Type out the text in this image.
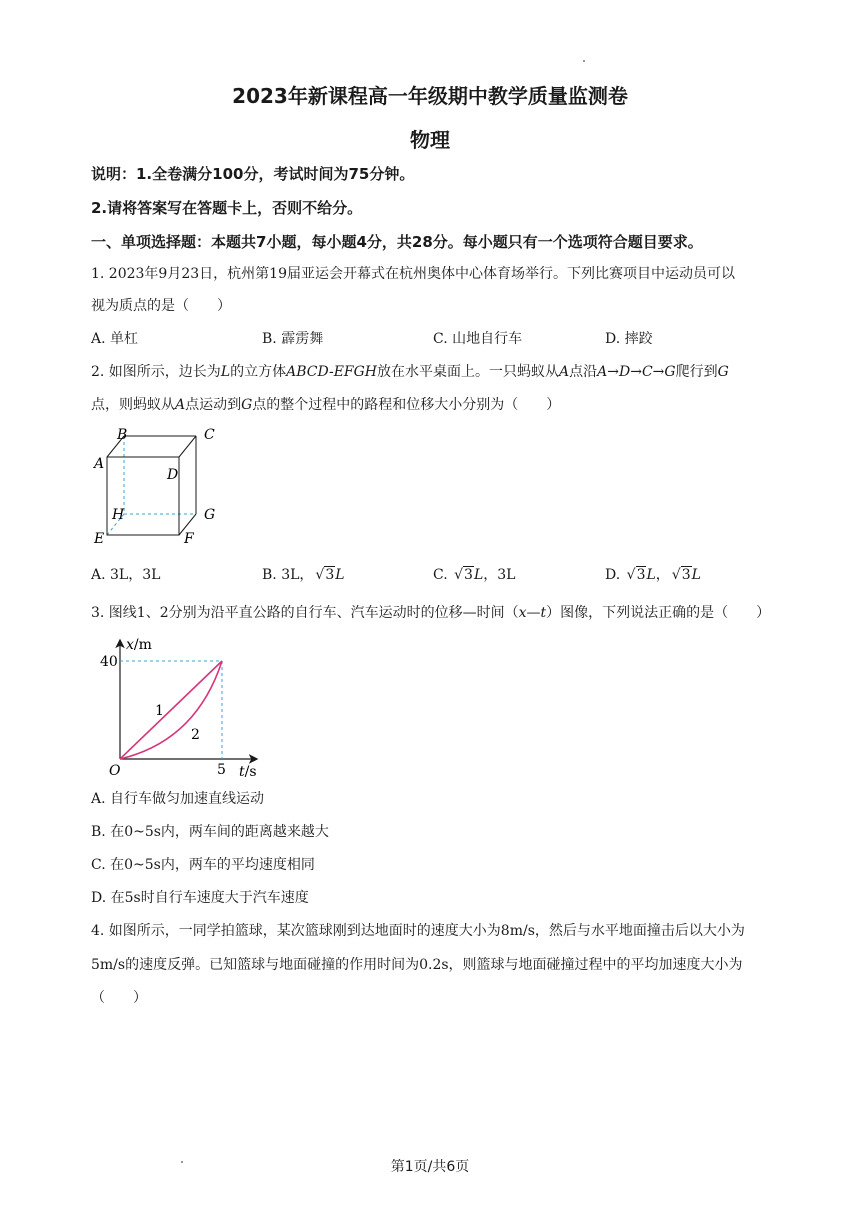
2023年新课程高一年级期中教学质量监测卷
物理
说明：1.全卷满分100分，考试时间为75分钟。
2.请将答案写在答题卡上，否则不给分。
一、单项选择题：本题共7小题，每小题4分，共28分。每小题只有一个选项符合题目要求。
1. 2023年9月23日，杭州第19届亚运会开幕式在杭州奥体中心体育场举行。下列比赛项目中运动员可以
视为质点的是（　　）
A. 单杠	B. 霹雳舞	C. 山地自行车	D. 摔跤
2. 如图所示，边长为L的立方体ABCD-EFGH放在水平桌面上。一只蚂蚁从A点沿A→D→C→G爬行到G
点，则蚂蚁从A点运动到G点的整个过程中的路程和位移大小分别为（　　）
B	C
A
D
H	G
E	F
A. 3L，3L	B. 3L， √3L	C. √3L，3L	D. √3L， √3L
3. 图线1、2分别为沿平直公路的自行车、汽车运动时的位移—时间（x—t）图像，下列说法正确的是（　　）
x/m
40
5
O	t/s
1
2
A. 自行车做匀加速直线运动
B. 在0~5s内，两车间的距离越来越大
C. 在0~5s内，两车的平均速度相同
D. 在5s时自行车速度大于汽车速度
4. 如图所示，一同学拍篮球，某次篮球刚到达地面时的速度大小为8m/s，然后与水平地面撞击后以大小为
5m/s的速度反弹。已知篮球与地面碰撞的作用时间为0.2s，则篮球与地面碰撞过程中的平均加速度大小为
（　　）
第1页/共6页
